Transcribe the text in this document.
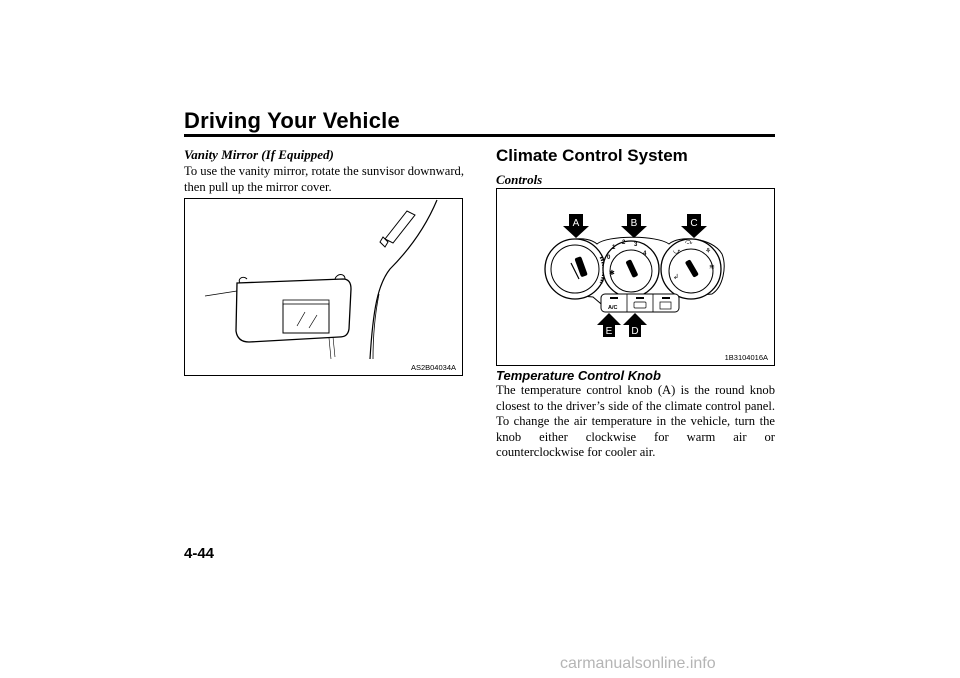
Driving Your Vehicle

Vanity Mirror (If Equipped)

To use the vanity mirror, rotate the sunvisor downward, then pull up the mirror cover.

AS2B04034A
Climate Control System

Controls

0
1
2 3
4
✱
⤻
⤼
⚘
≋
↲
A/C
A	B	C
E D
1B3104016A
Temperature Control Knob

The temperature control knob (A) is the round knob closest to the driver’s side of the climate control panel. To change the air temperature in the vehicle, turn the knob either clockwise for warm air or counterclockwise for cooler air.

4-44
carmanualsonline.info
